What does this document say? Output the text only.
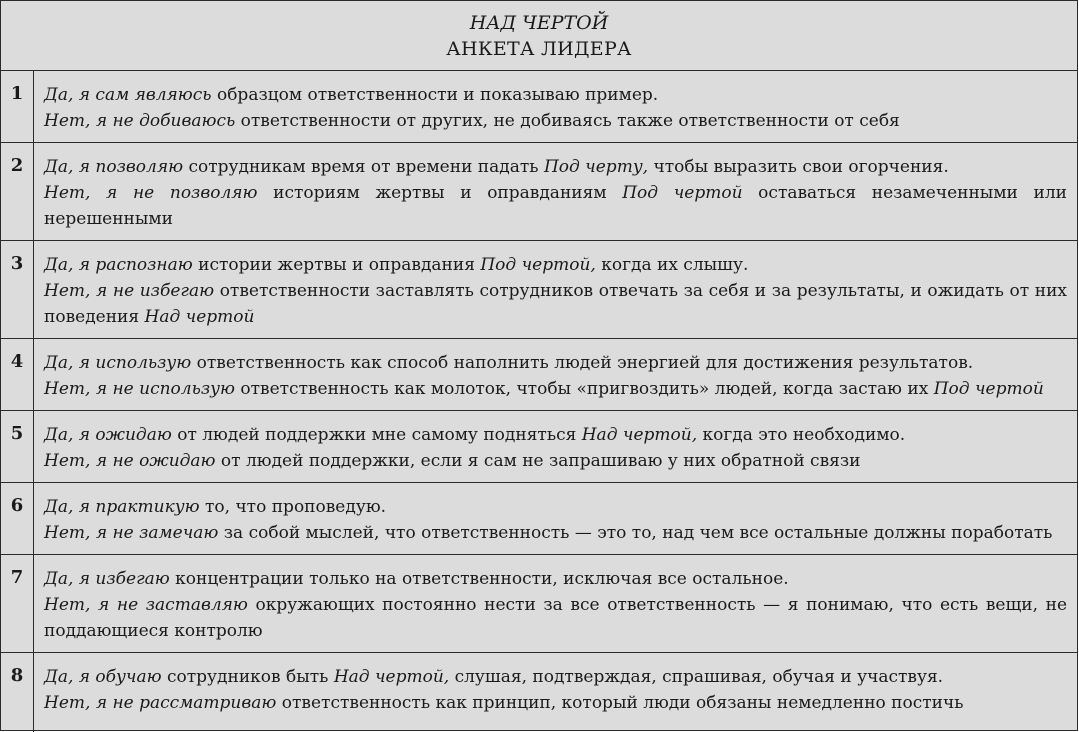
НАД ЧЕРТОЙ
АНКЕТА ЛИДЕРА
1	Да, я сам являюсь образцом ответственности и показываю пример.
Нет, я не добиваюсь ответственности от других, не добиваясь также ответственности от себя
2	Да, я позволяю сотрудникам время от времени падать Под черту, чтобы выразить свои огорчения.
Нет, я не позволяю историям жертвы и оправданиям Под чертой оставаться незамеченными или нерешенными
3	Да, я распознаю истории жертвы и оправдания Под чертой, когда их слышу.
Нет, я не избегаю ответственности заставлять сотрудников отвечать за себя и за результаты, и ожидать от них поведения Над чертой
4	Да, я использую ответственность как способ наполнить людей энергией для достижения результатов.
Нет, я не использую ответственность как молоток, чтобы «пригвоздить» людей, когда застаю их Под чертой
5	Да, я ожидаю от людей поддержки мне самому подняться Над чертой, когда это необходимо.
Нет, я не ожидаю от людей поддержки, если я сам не запрашиваю у них обратной связи
6	Да, я практикую то, что проповедую.
Нет, я не замечаю за собой мыслей, что ответственность — это то, над чем все остальные должны поработать
7	Да, я избегаю концентрации только на ответственности, исключая все остальное.
Нет, я не заставляю окружающих постоянно нести за все ответственность — я понимаю, что есть вещи, не поддающиеся контролю
8	Да, я обучаю сотрудников быть Над чертой, слушая, подтверждая, спрашивая, обучая и участвуя.
Нет, я не рассматриваю ответственность как принцип, который люди обязаны немедленно постичь
